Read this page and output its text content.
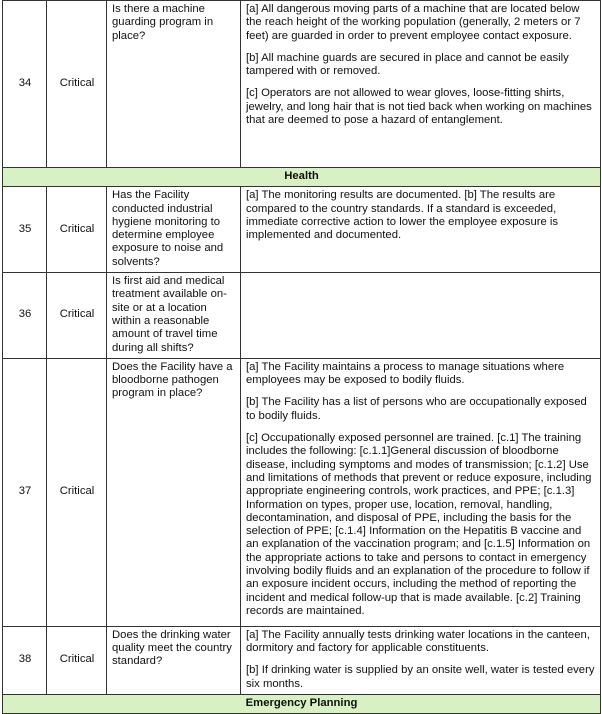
34	Critical	Is there a machine guarding program in place?	[a] All dangerous moving parts of a machine that are located below the reach height of the working population (generally, 2 meters or 7 feet) are guarded in order to prevent employee contact exposure.

[b] All machine guards are secured in place and cannot be easily tampered with or removed.

[c] Operators are not allowed to wear gloves, loose-fitting shirts, jewelry, and long hair that is not tied back when working on machines that are deemed to pose a hazard of entanglement.

Health			
35	Critical	Has the Facility conducted industrial hygiene monitoring to determine employee exposure to noise and solvents?	[a] The monitoring results are documented. [b] The results are compared to the country standards. If a standard is exceeded, immediate corrective action to lower the employee exposure is implemented and documented.

36	Critical	Is first aid and medical treatment available on-site or at a location within a reasonable amount of travel time during all shifts?	
37	Critical	Does the Facility have a bloodborne pathogen program in place?	[a] The Facility maintains a process to manage situations where employees may be exposed to bodily fluids.

[b] The Facility has a list of persons who are occupationally exposed to bodily fluids.

[c] Occupationally exposed personnel are trained. [c.1] The training includes the following: [c.1.1]General discussion of bloodborne disease, including symptoms and modes of transmission; [c.1.2] Use and limitations of methods that prevent or reduce exposure, including appropriate engineering controls, work practices, and PPE; [c.1.3] Information on types, proper use, location, removal, handling, decontamination, and disposal of PPE, including the basis for the selection of PPE; [c.1.4] Information on the Hepatitis B vaccine and an explanation of the vaccination program; and [c.1.5] Information on the appropriate actions to take and persons to contact in emergency involving bodily fluids and an explanation of the procedure to follow if an exposure incident occurs, including the method of reporting the incident and medical follow-up that is made available. [c.2] Training records are maintained.

38	Critical	Does the drinking water quality meet the country standard?	[a] The Facility annually tests drinking water locations in the canteen, dormitory and factory for applicable constituents.

[b] If drinking water is supplied by an onsite well, water is tested every six months.

Emergency Planning			
